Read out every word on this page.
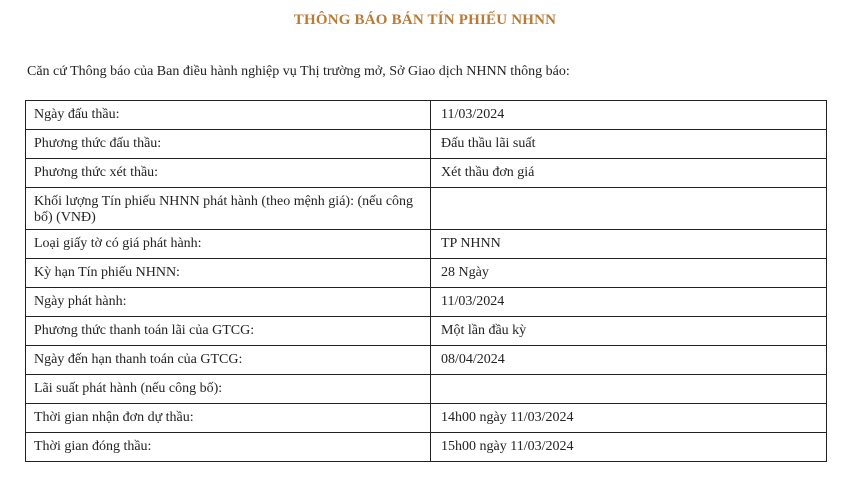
THÔNG BÁO BÁN TÍN PHIẾU NHNN
Căn cứ Thông báo của Ban điều hành nghiệp vụ Thị trường mở, Sở Giao dịch NHNN thông báo:
Ngày đấu thầu:	11/03/2024
Phương thức đấu thầu:	Đấu thầu lãi suất
Phương thức xét thầu:	Xét thầu đơn giá
Khối lượng Tín phiếu NHNN phát hành (theo mệnh giá): (nếu công bố) (VNĐ)	
Loại giấy tờ có giá phát hành:	TP NHNN
Kỳ hạn Tín phiếu NHNN:	28 Ngày
Ngày phát hành:	11/03/2024
Phương thức thanh toán lãi của GTCG:	Một lần đầu kỳ
Ngày đến hạn thanh toán của GTCG:	08/04/2024
Lãi suất phát hành (nếu công bố):	
Thời gian nhận đơn dự thầu:	14h00 ngày 11/03/2024
Thời gian đóng thầu:	15h00 ngày 11/03/2024
